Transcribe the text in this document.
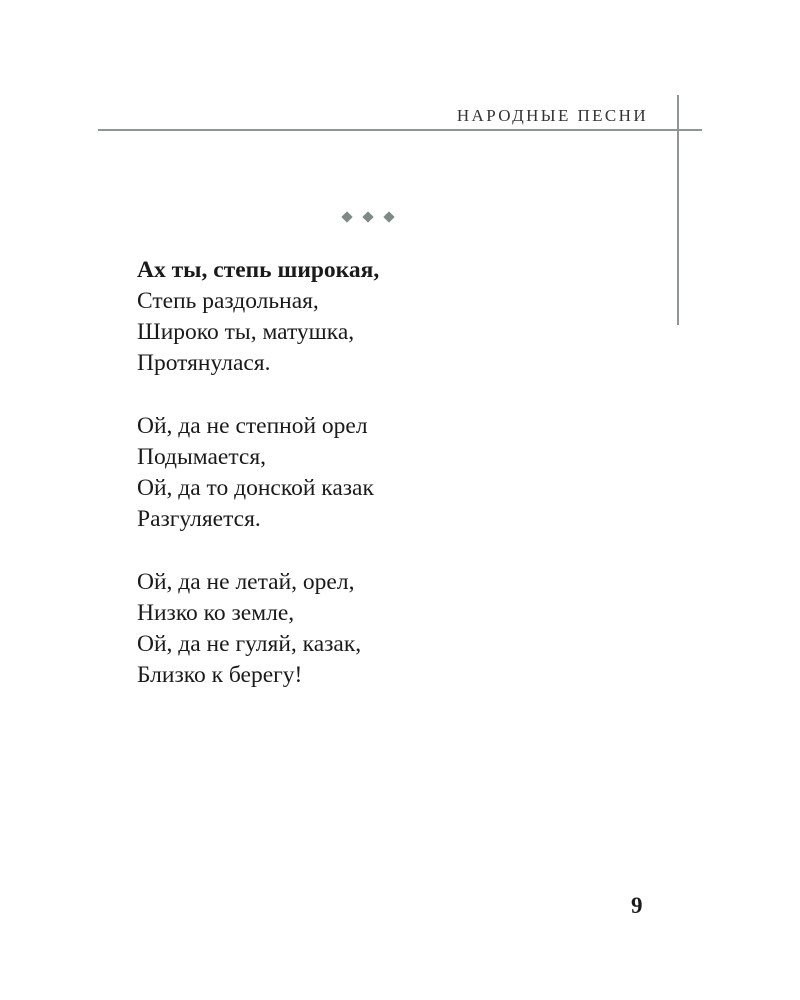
НАРОДНЫЕ ПЕСНИ
Ах ты, степь широкая,
Степь раздольная,
Широко ты, матушка,
Протянулася.
Ой, да не степной орел
Подымается,
Ой, да то донской казак
Разгуляется.
Ой, да не летай, орел,
Низко ко земле,
Ой, да не гуляй, казак,
Близко к берегу!
9
